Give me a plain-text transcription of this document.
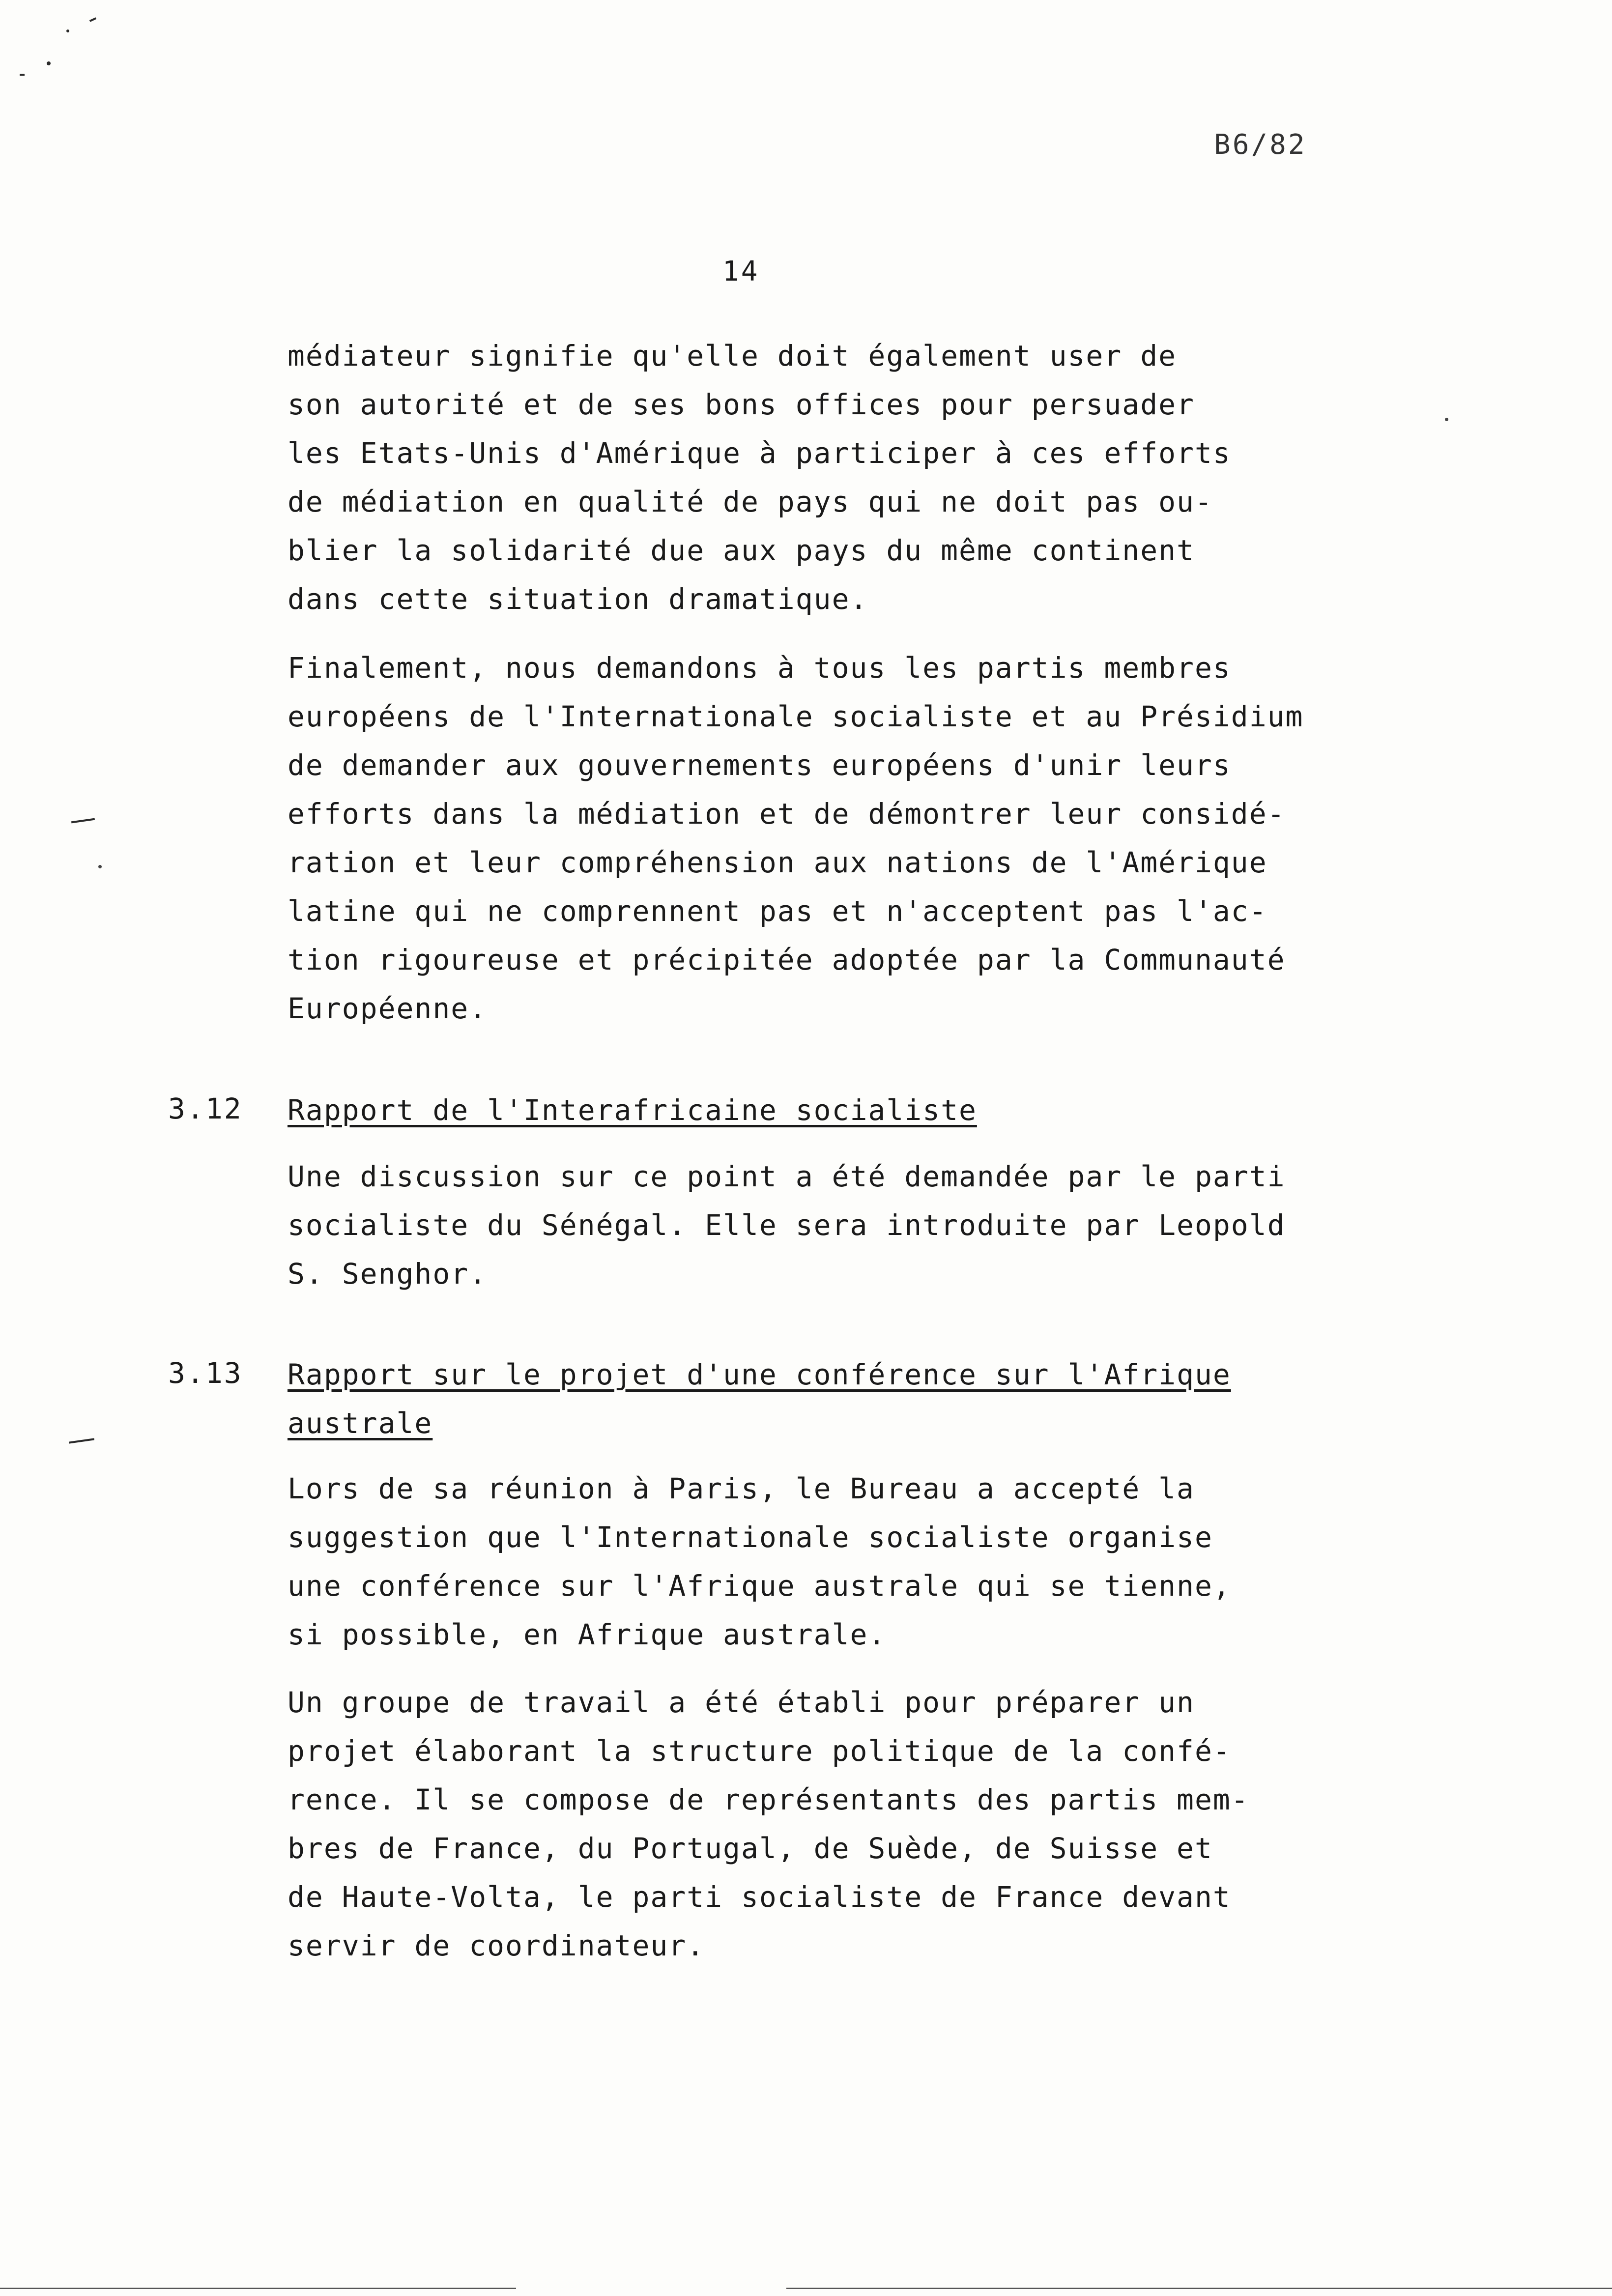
B6/82
14
médiateur signifie qu'elle doit également user de
son autorité et de ses bons offices pour persuader
les Etats-Unis d'Amérique à participer à ces efforts
de médiation en qualité de pays qui ne doit pas ou-
blier la solidarité due aux pays du même continent
dans cette situation dramatique.
Finalement, nous demandons à tous les partis membres
européens de l'Internationale socialiste et au Présidium
de demander aux gouvernements européens d'unir leurs
efforts dans la médiation et de démontrer leur considé-
ration et leur compréhension aux nations de l'Amérique
latine qui ne comprennent pas et n'acceptent pas l'ac-
tion rigoureuse et précipitée adoptée par la Communauté
Européenne.
3.12 Rapport de l'Interafricaine socialiste
Une discussion sur ce point a été demandée par le parti
socialiste du Sénégal. Elle sera introduite par Leopold
S. Senghor.
3.13 Rapport sur le projet d'une conférence sur l'Afrique
australe
Lors de sa réunion à Paris, le Bureau a accepté la
suggestion que l'Internationale socialiste organise
une conférence sur l'Afrique australe qui se tienne,
si possible, en Afrique australe.
Un groupe de travail a été établi pour préparer un
projet élaborant la structure politique de la confé-
rence. Il se compose de représentants des partis mem-
bres de France, du Portugal, de Suède, de Suisse et
de Haute-Volta, le parti socialiste de France devant
servir de coordinateur.
